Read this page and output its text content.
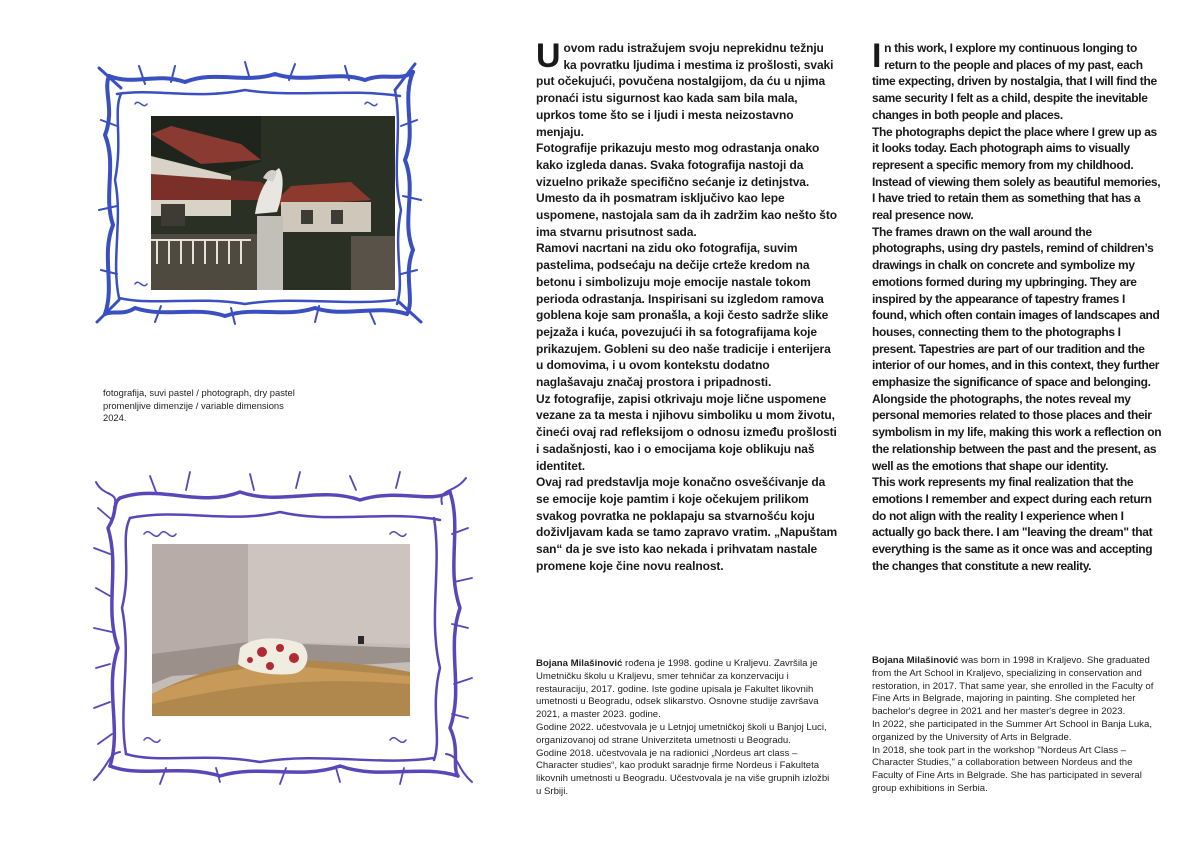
fotografija, suvi pastel / photograph, dry pastel
promenljive dimenzije / variable dimensions
2024.

U ovom radu istražujem svoju neprekidnu težnju ka povratku ljudima i mestima iz prošlosti, svaki put očekujući, povučena nostalgijom, da ću u njima pronaći istu sigurnost kao kada sam bila mala, uprkos tome što se i ljudi i mesta neizostavno menjaju.

Fotografije prikazuju mesto mog odrastanja onako kako izgleda danas. Svaka fotografija nastoji da vizuelno prikaže specifično sećanje iz detinjstva. Umesto da ih posmatram isključivo kao lepe uspomene, nastojala sam da ih zadržim kao nešto što ima stvarnu prisutnost sada.

Ramovi nacrtani na zidu oko fotografija, suvim pastelima, podsećaju na dečije crteže kredom na betonu i simbolizuju moje emocije nastale tokom perioda odrastanja. Inspirisani su izgledom ramova goblena koje sam pronašla, a koji često sadrže slike pejzaža i kuća, povezujući ih sa fotografijama koje prikazujem. Gobleni su deo naše tradicije i enterijera u domovima, i u ovom kontekstu dodatno naglašavaju značaj prostora i pripadnosti.

Uz fotografije, zapisi otkrivaju moje lične uspomene vezane za ta mesta i njihovu simboliku u mom životu, čineći ovaj rad refleksijom o odnosu između prošlosti i sadašnjosti, kao i o emocijama koje oblikuju naš identitet.

Ovaj rad predstavlja moje konačno osvešćivanje da se emocije koje pamtim i koje očekujem prilikom svakog povratka ne poklapaju sa stvarnošću koju doživljavam kada se tamo zapravo vratim. „Napuštam san“ da je sve isto kao nekada i prihvatam nastale promene koje čine novu realnost.

In this work, I explore my continuous longing to return to the people and places of my past, each time expecting, driven by nostalgia, that I will find the same security I felt as a child, despite the inevitable changes in both people and places.

The photographs depict the place where I grew up as it looks today. Each photograph aims to visually represent a specific memory from my childhood. Instead of viewing them solely as beautiful memories, I have tried to retain them as something that has a real presence now.

The frames drawn on the wall around the photographs, using dry pastels, remind of children’s drawings in chalk on concrete and symbolize my emotions formed during my upbringing. They are inspired by the appearance of tapestry frames I found, which often contain images of landscapes and houses, connecting them to the photographs I present. Tapestries are part of our tradition and the interior of our homes, and in this context, they further emphasize the significance of space and belonging.

Alongside the photographs, the notes reveal my personal memories related to those places and their symbolism in my life, making this work a reflection on the relationship between the past and the present, as well as the emotions that shape our identity.

This work represents my final realization that the emotions I remember and expect during each return do not align with the reality I experience when I actually go back there. I am "leaving the dream" that everything is the same as it once was and accepting the changes that constitute a new reality.

Bojana Milašinović rođena je 1998. godine u Kraljevu. Završila je Umetničku školu u Kraljevu, smer tehničar za konzervaciju i restauraciju, 2017. godine. Iste godine upisala je Fakultet likovnih umetnosti u Beogradu, odsek slikarstvo. Osnovne studije završava 2021, a master 2023. godine.

Godine 2022. učestvovala je u Letnjoj umetničkoj školi u Banjoj Luci, organizovanoj od strane Univerziteta umetnosti u Beogradu.

Godine 2018. učestvovala je na radionici „Nordeus art class – Character studies“, kao produkt saradnje firme Nordeus i Fakulteta likovnih umetnosti u Beogradu. Učestvovala je na više grupnih izložbi u Srbiji.

Bojana Milašinović was born in 1998 in Kraljevo. She graduated from the Art School in Kraljevo, specializing in conservation and restoration, in 2017. That same year, she enrolled in the Faculty of Fine Arts in Belgrade, majoring in painting. She completed her bachelor's degree in 2021 and her master's degree in 2023.

In 2022, she participated in the Summer Art School in Banja Luka, organized by the University of Arts in Belgrade.

In 2018, she took part in the workshop "Nordeus Art Class – Character Studies," a collaboration between Nordeus and the Faculty of Fine Arts in Belgrade. She has participated in several group exhibitions in Serbia.
